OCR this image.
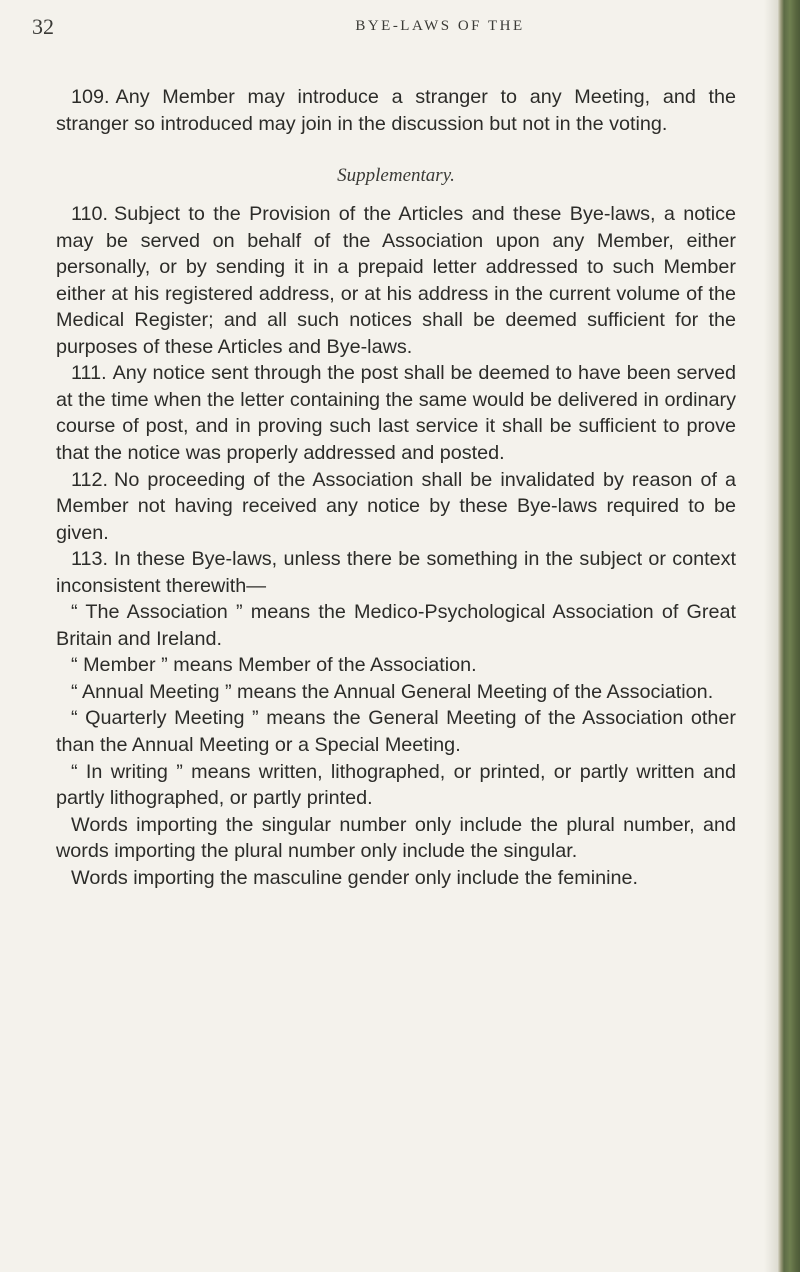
32	BYE-LAWS OF THE

109. Any Member may introduce a stranger to any Meeting, and the stranger so introduced may join in the discussion but not in the voting.

Supplementary.

110. Subject to the Provision of the Articles and these Bye-laws, a notice may be served on behalf of the Association upon any Member, either personally, or by sending it in a prepaid letter addressed to such Member either at his registered address, or at his address in the current volume of the Medical Register; and all such notices shall be deemed sufficient for the purposes of these Articles and Bye-laws.

111. Any notice sent through the post shall be deemed to have been served at the time when the letter containing the same would be delivered in ordinary course of post, and in proving such last service it shall be sufficient to prove that the notice was properly addressed and posted.

112. No proceeding of the Association shall be invalidated by reason of a Member not having received any notice by these Bye-laws required to be given.

113. In these Bye-laws, unless there be something in the subject or context inconsistent therewith—

“ The Association ” means the Medico-Psychological Association of Great Britain and Ireland.

“ Member ” means Member of the Association.

“ Annual Meeting ” means the Annual General Meeting of the Association.

“ Quarterly Meeting ” means the General Meeting of the Association other than the Annual Meeting or a Special Meeting.

“ In writing ” means written, lithographed, or printed, or partly written and partly lithographed, or partly printed.

Words importing the singular number only include the plural number, and words importing the plural number only include the singular.

Words importing the masculine gender only include the feminine.
